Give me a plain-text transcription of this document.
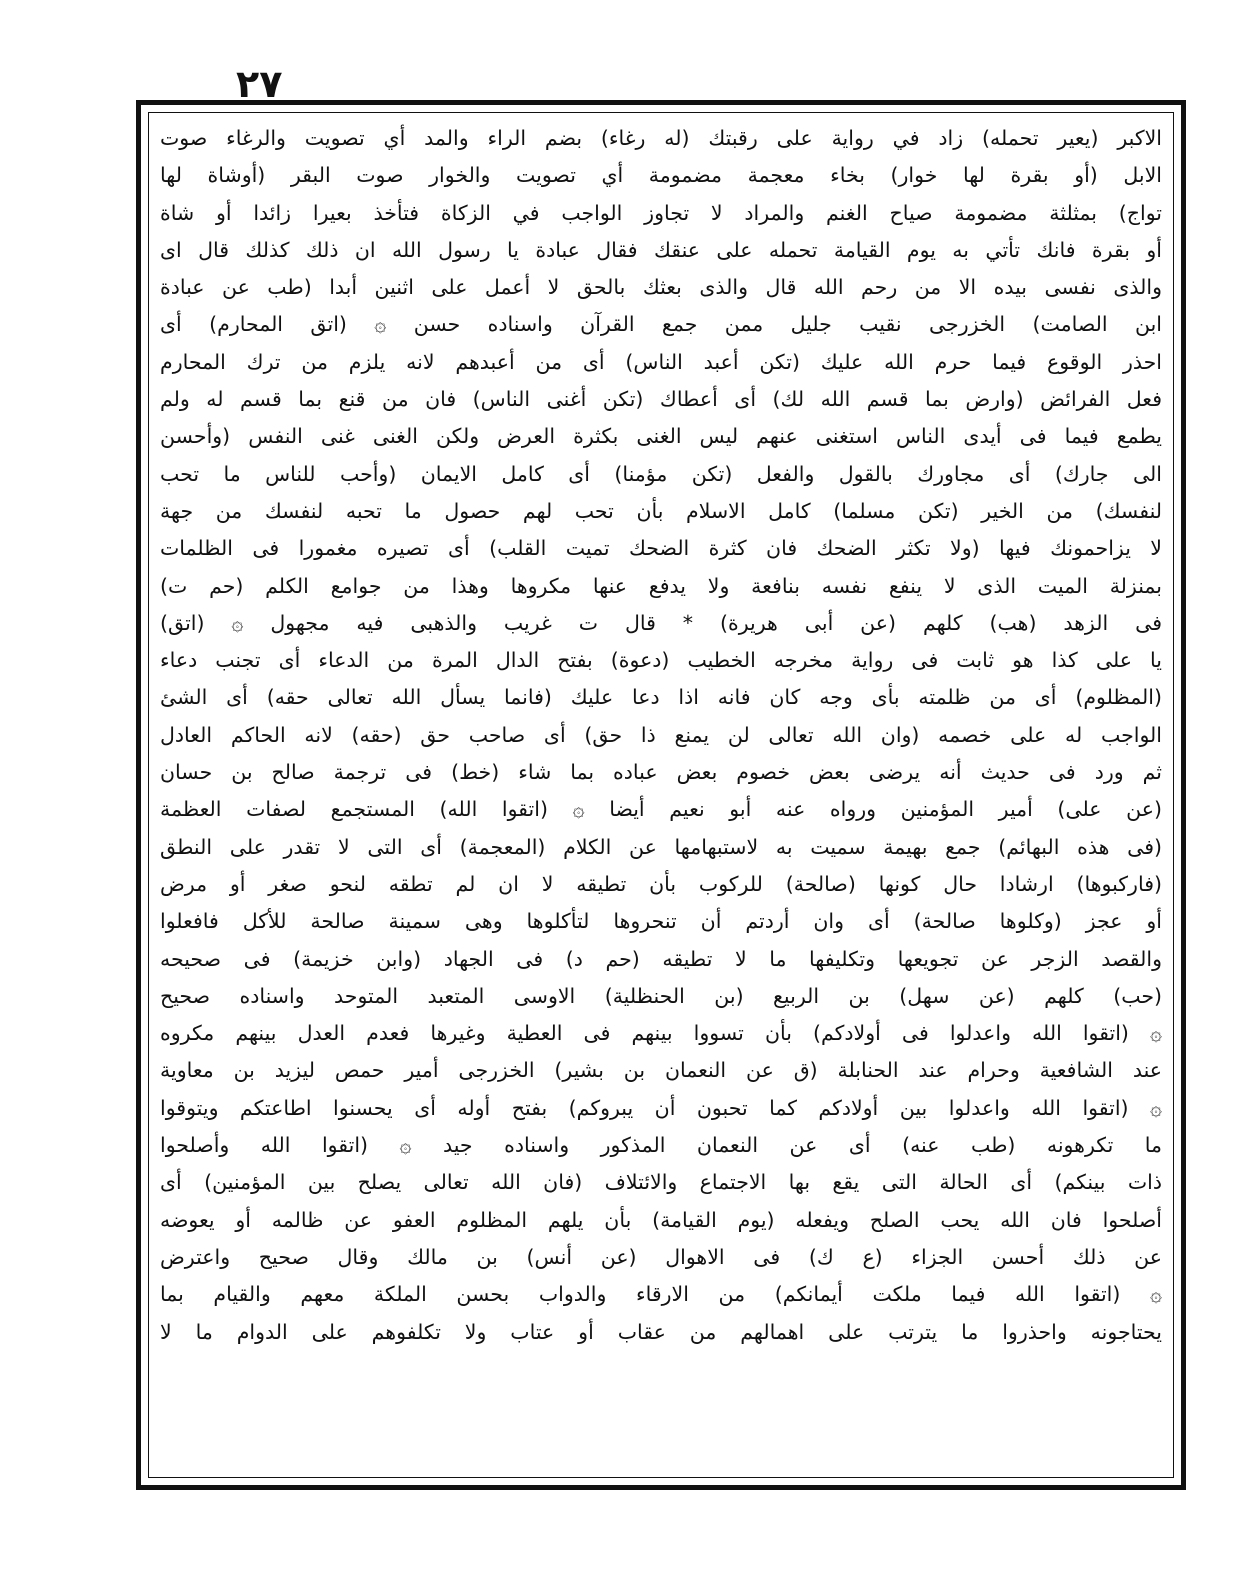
٢٧
الاكبر (يعير تحمله) زاد في رواية على رقبتك (له رغاء) بضم الراء والمد أي تصويت والرغاء صوت
الابل (أو بقرة لها خوار) بخاء معجمة مضمومة أي تصويت والخوار صوت البقر (أوشاة لها
تواج) بمثلثة مضمومة صياح الغنم والمراد لا تجاوز الواجب في الزكاة فتأخذ بعيرا زائدا أو شاة
أو بقرة فانك تأتي به يوم القيامة تحمله على عنقك فقال عبادة يا رسول الله ان ذلك كذلك قال اى
والذى نفسى بيده الا من رحم الله قال والذى بعثك بالحق لا أعمل على اثنين أبدا (طب عن عبادة
ابن الصامت) الخزرجى نقيب جليل ممن جمع القرآن واسناده حسن ۞ (اتق المحارم) أى
احذر الوقوع فيما حرم الله عليك (تكن أعبد الناس) أى من أعبدهم لانه يلزم من ترك المحارم
فعل الفرائض (وارض بما قسم الله لك) أى أعطاك (تكن أغنى الناس) فان من قنع بما قسم له ولم
يطمع فيما فى أيدى الناس استغنى عنهم ليس الغنى بكثرة العرض ولكن الغنى غنى النفس (وأحسن
الى جارك) أى مجاورك بالقول والفعل (تكن مؤمنا) أى كامل الايمان (وأحب للناس ما تحب
لنفسك) من الخير (تكن مسلما) كامل الاسلام بأن تحب لهم حصول ما تحبه لنفسك من جهة
لا يزاحمونك فيها (ولا تكثر الضحك فان كثرة الضحك تميت القلب) أى تصيره مغمورا فى الظلمات
بمنزلة الميت الذى لا ينفع نفسه بنافعة ولا يدفع عنها مكروها وهذا من جوامع الكلم (حم ت)
فى الزهد (هب) كلهم (عن أبى هريرة) * قال ت غريب والذهبى فيه مجهول ۞ (اتق)
يا على كذا هو ثابت فى رواية مخرجه الخطيب (دعوة) بفتح الدال المرة من الدعاء أى تجنب دعاء
(المظلوم) أى من ظلمته بأى وجه كان فانه اذا دعا عليك (فانما يسأل الله تعالى حقه) أى الشئ
الواجب له على خصمه (وان الله تعالى لن يمنع ذا حق) أى صاحب حق (حقه) لانه الحاكم العادل
ثم ورد فى حديث أنه يرضى بعض خصوم بعض عباده بما شاء (خط) فى ترجمة صالح بن حسان
(عن على) أمير المؤمنين ورواه عنه أبو نعيم أيضا ۞ (اتقوا الله) المستجمع لصفات العظمة
(فى هذه البهائم) جمع بهيمة سميت به لاستبهامها عن الكلام (المعجمة) أى التى لا تقدر على النطق
(فاركبوها) ارشادا حال كونها (صالحة) للركوب بأن تطيقه لا ان لم تطقه لنحو صغر أو مرض
أو عجز (وكلوها صالحة) أى وان أردتم أن تنحروها لتأكلوها وهى سمينة صالحة للأكل فافعلوا
والقصد الزجر عن تجويعها وتكليفها ما لا تطيقه (حم د) فى الجهاد (وابن خزيمة) فى صحيحه
(حب) كلهم (عن سهل) بن الربيع (بن الحنظلية) الاوسى المتعبد المتوحد واسناده صحيح
۞ (اتقوا الله واعدلوا فى أولادكم) بأن تسووا بينهم فى العطية وغيرها فعدم العدل بينهم مكروه
عند الشافعية وحرام عند الحنابلة (ق عن النعمان بن بشير) الخزرجى أمير حمص ليزيد بن معاوية
۞ (اتقوا الله واعدلوا بين أولادكم كما تحبون أن يبروكم) بفتح أوله أى يحسنوا اطاعتكم ويتوقوا
ما تكرهونه (طب عنه) أى عن النعمان المذكور واسناده جيد ۞ (اتقوا الله وأصلحوا
ذات بينكم) أى الحالة التى يقع بها الاجتماع والائتلاف (فان الله تعالى يصلح بين المؤمنين) أى
أصلحوا فان الله يحب الصلح ويفعله (يوم القيامة) بأن يلهم المظلوم العفو عن ظالمه أو يعوضه
عن ذلك أحسن الجزاء (ع ك) فى الاهوال (عن أنس) بن مالك وقال صحيح واعترض
۞ (اتقوا الله فيما ملكت أيمانكم) من الارقاء والدواب بحسن الملكة معهم والقيام بما
يحتاجونه واحذروا ما يترتب على اهمالهم من عقاب أو عتاب ولا تكلفوهم على الدوام ما لا
